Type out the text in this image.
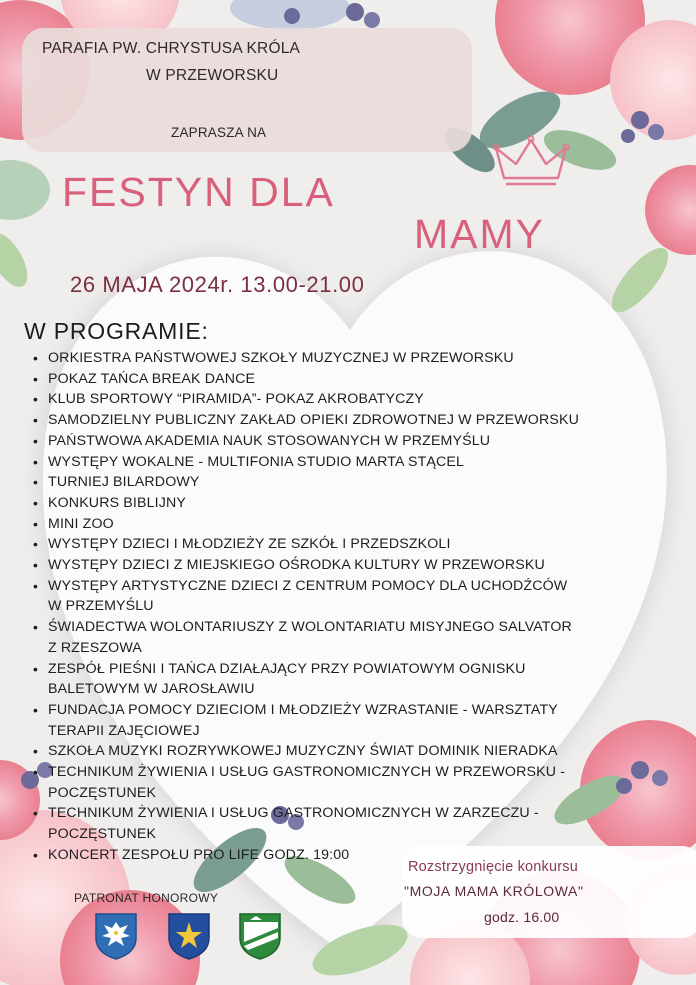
PARAFIA PW. CHRYSTUSA KRÓLA
W PRZEWORSKU
ZAPRASZA NA
FESTYN DLA
MAMY
26 MAJA 2024r. 13.00-21.00
W PROGRAMIE:
• ORKIESTRA PAŃSTWOWEJ SZKOŁY MUZYCZNEJ W PRZEWORSKU
• POKAZ TAŃCA BREAK DANCE
• KLUB SPORTOWY “PIRAMIDA”- POKAZ AKROBATYCZY
• SAMODZIELNY PUBLICZNY ZAKŁAD OPIEKI ZDROWOTNEJ W PRZEWORSKU
• PAŃSTWOWA AKADEMIA NAUK STOSOWANYCH W PRZEMYŚLU
• WYSTĘPY WOKALNE - MULTIFONIA STUDIO MARTA STĄCEL
• TURNIEJ BILARDOWY
• KONKURS BIBLIJNY
• MINI ZOO
• WYSTĘPY DZIECI I MŁODZIEŻY ZE SZKÓŁ I PRZEDSZKOLI
• WYSTĘPY DZIECI Z MIEJSKIEGO OŚRODKA KULTURY W PRZEWORSKU
• WYSTĘPY ARTYSTYCZNE DZIECI Z CENTRUM POMOCY DLA UCHODŹCÓW
W PRZEMYŚLU
• ŚWIADECTWA WOLONTARIUSZY Z WOLONTARIATU MISYJNEGO SALVATOR
Z RZESZOWA
• ZESPÓŁ PIEŚNI I TAŃCA DZIAŁAJĄCY PRZY POWIATOWYM OGNISKU
BALETOWYM W JAROSŁAWIU
• FUNDACJA POMOCY DZIECIOM I MŁODZIEŻY WZRASTANIE - WARSZTATY
TERAPII ZAJĘCIOWEJ
• SZKOŁA MUZYKI ROZRYWKOWEJ MUZYCZNY ŚWIAT DOMINIK NIERADKA
• TECHNIKUM ŻYWIENIA I USŁUG GASTRONOMICZNYCH W PRZEWORSKU -
POCZĘSTUNEK
• TECHNIKUM ŻYWIENIA I USŁUG GASTRONOMICZNYCH W ZARZECZU -
POCZĘSTUNEK
• KONCERT ZESPOŁU PRO LIFE GODZ. 19:00
PATRONAT HONOROWY
Rozstrzygnięcie konkursu
"MOJA MAMA KRÓLOWA"
godz. 16.00
